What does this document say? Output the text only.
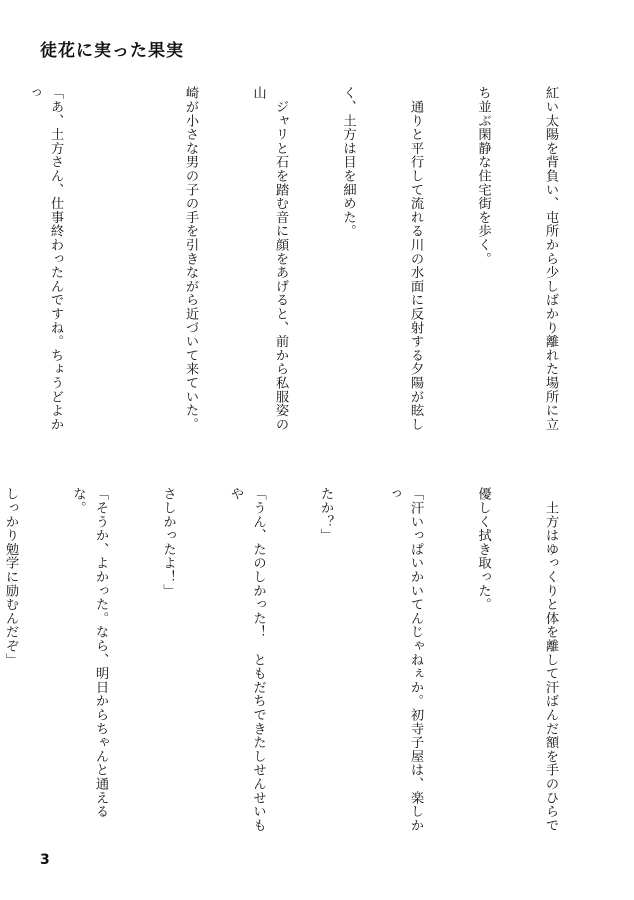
徒花に実った果実

紅い太陽を背負い、屯所から少しばかり離れた場所に立

ち並ぶ閑静な住宅街を歩く。

　通りと平行して流れる川の水面に反射する夕陽が眩し

く、土方は目を細めた。

　ジャリと石を踏む音に顔をあげると、前から私服姿の山

崎が小さな男の子の手を引きながら近づいて来ていた。

「あ、土方さん、仕事終わったんですね。ちょうどよかっ

　土方はゆっくりと体を離して汗ばんだ額を手のひらで

優しく拭き取った。

「汗いっぱいかいてんじゃねぇか。初寺子屋は、楽しかっ

たか？」

「うん、たのしかった！　ともだちできたしせんせいもや

さしかったよ！」

「そうか、よかった。なら、明日からちゃんと通えるな。

しっかり勉学に励むんだぞ」

3
